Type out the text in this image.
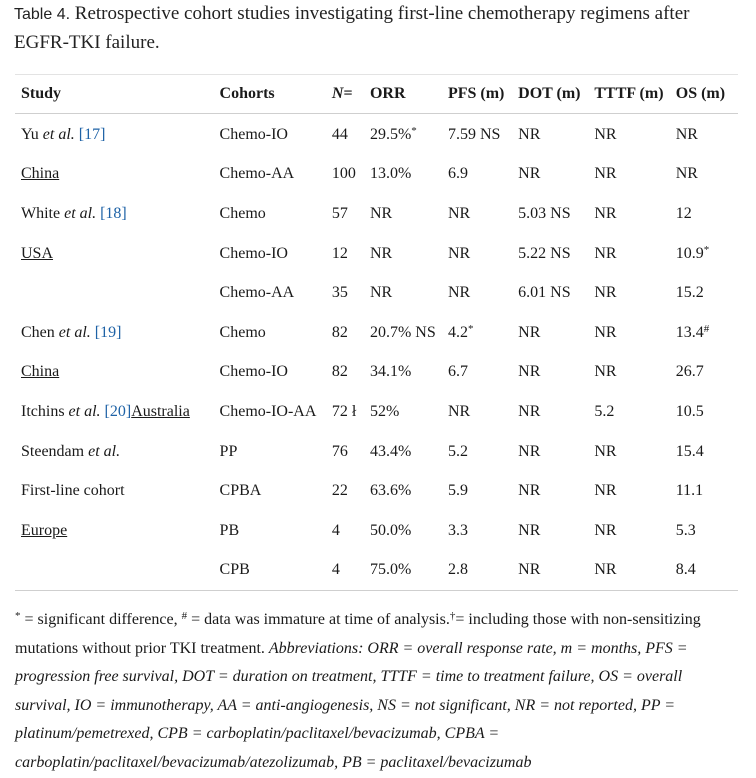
Table 4. Retrospective cohort studies investigating first-line chemotherapy regimens after EGFR-TKI failure.
Study	Cohorts	N=	ORR	PFS (m)	DOT (m)	TTTF (m)	OS (m)
Yu et al. [17]	Chemo-IO	44	29.5%*	7.59 NS	NR	NR	NR
China	Chemo-AA	100	13.0%	6.9	NR	NR	NR
White et al. [18]	Chemo	57	NR	NR	5.03 NS	NR	12
USA	Chemo-IO	12	NR	NR	5.22 NS	NR	10.9*
	Chemo-AA	35	NR	NR	6.01 NS	NR	15.2
Chen et al. [19]	Chemo	82	20.7% NS	4.2*	NR	NR	13.4#
China	Chemo-IO	82	34.1%	6.7	NR	NR	26.7
Itchins et al. [20]Australia	Chemo-IO-AA	72 ł	52%	NR	NR	5.2	10.5
Steendam et al.	PP	76	43.4%	5.2	NR	NR	15.4
First-line cohort	CPBA	22	63.6%	5.9	NR	NR	11.1
Europe	PB	4	50.0%	3.3	NR	NR	5.3
	CPB	4	75.0%	2.8	NR	NR	8.4
* = significant difference, # = data was immature at time of analysis.†= including those with non-sensitizing mutations without prior TKI treatment. Abbreviations: ORR = overall response rate, m = months, PFS = progression free survival, DOT = duration on treatment, TTTF = time to treatment failure, OS = overall survival, IO = immunotherapy, AA = anti-angiogenesis, NS = not significant, NR = not reported, PP = platinum/pemetrexed, CPB = carboplatin/paclitaxel/bevacizumab, CPBA = carboplatin/paclitaxel/bevacizumab/atezolizumab, PB = paclitaxel/bevacizumab
